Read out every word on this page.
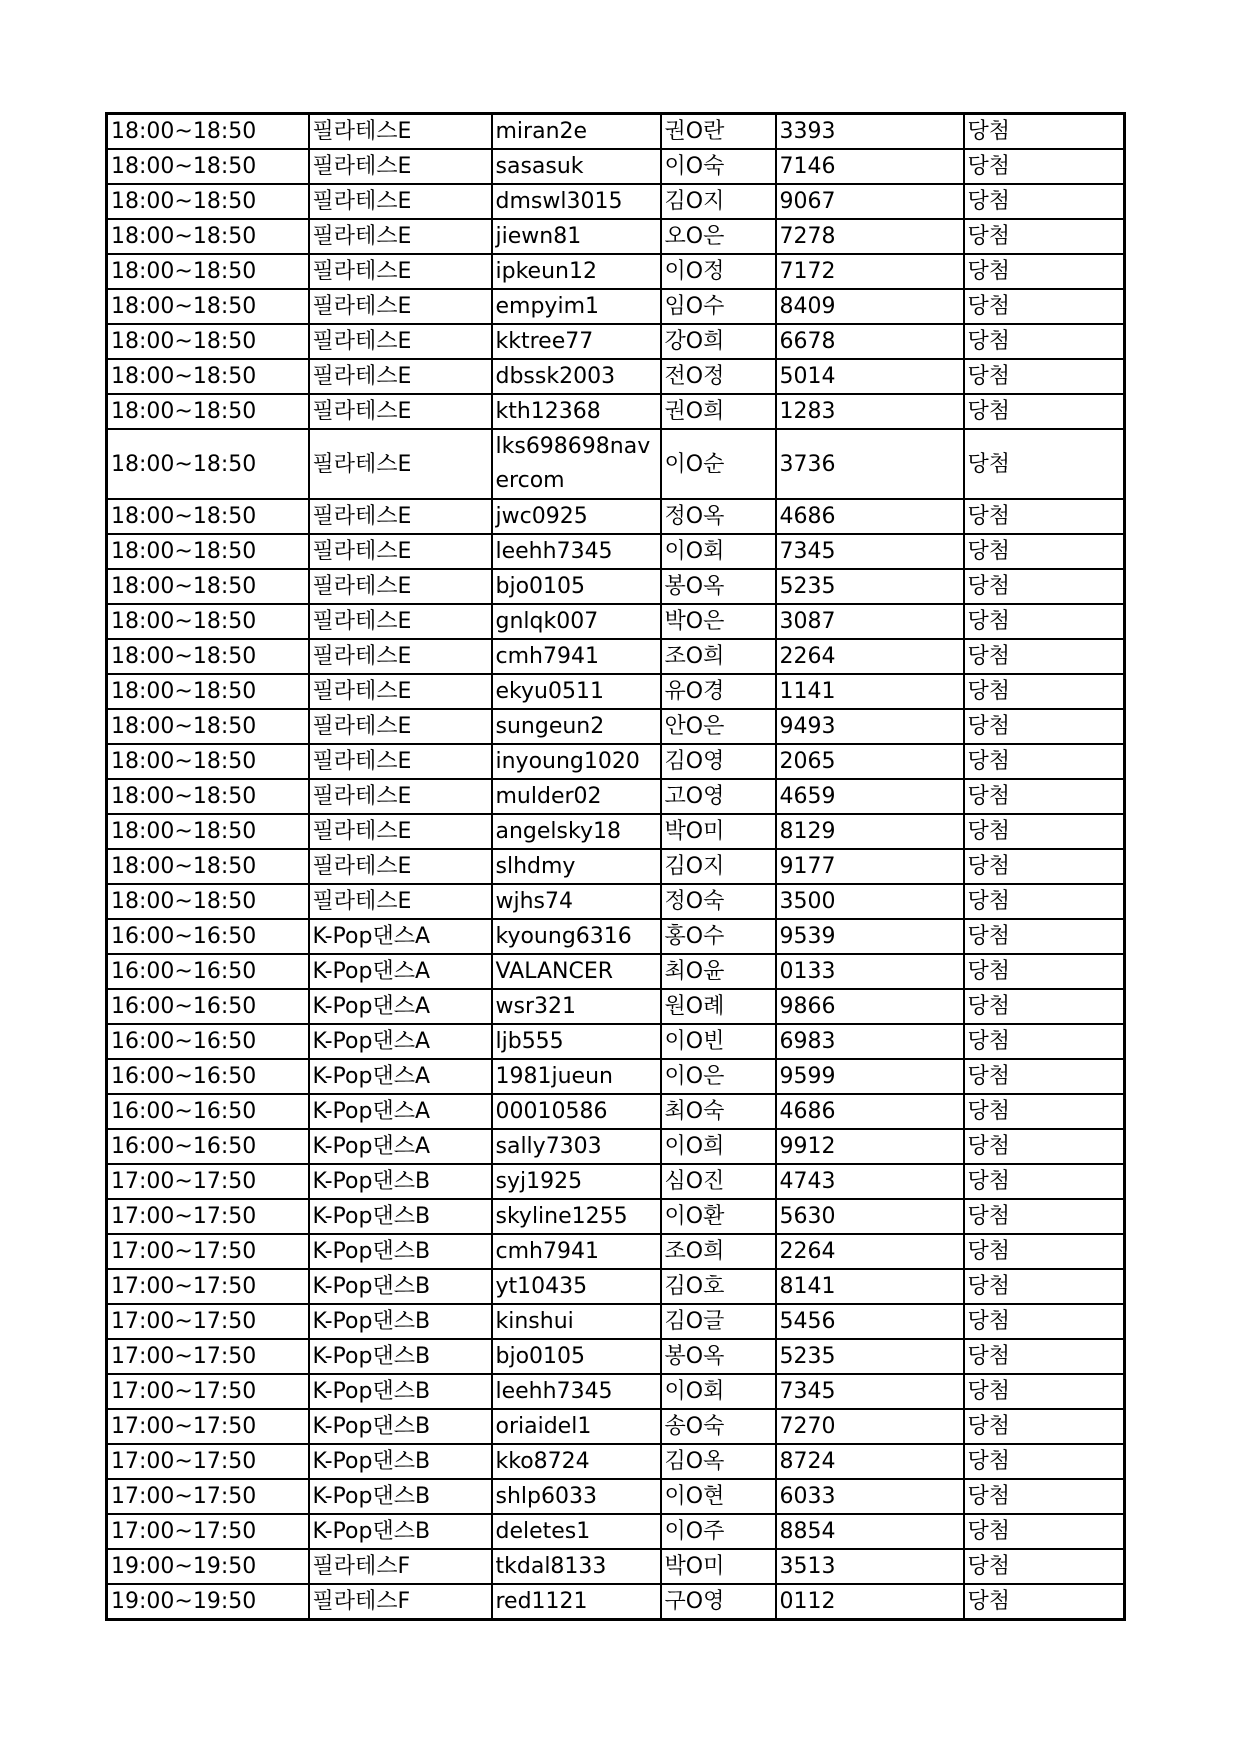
18:00~18:50	필라테스E	miran2e	권O란	3393	당첨
18:00~18:50	필라테스E	sasasuk	이O숙	7146	당첨
18:00~18:50	필라테스E	dmswl3015	김O지	9067	당첨
18:00~18:50	필라테스E	jiewn81	오O은	7278	당첨
18:00~18:50	필라테스E	ipkeun12	이O정	7172	당첨
18:00~18:50	필라테스E	empyim1	임O수	8409	당첨
18:00~18:50	필라테스E	kktree77	강O희	6678	당첨
18:00~18:50	필라테스E	dbssk2003	전O정	5014	당첨
18:00~18:50	필라테스E	kth12368	권O희	1283	당첨
18:00~18:50	필라테스E	lks698698navercom	이O순	3736	당첨
18:00~18:50	필라테스E	jwc0925	정O옥	4686	당첨
18:00~18:50	필라테스E	leehh7345	이O회	7345	당첨
18:00~18:50	필라테스E	bjo0105	봉O옥	5235	당첨
18:00~18:50	필라테스E	gnlqk007	박O은	3087	당첨
18:00~18:50	필라테스E	cmh7941	조O희	2264	당첨
18:00~18:50	필라테스E	ekyu0511	유O경	1141	당첨
18:00~18:50	필라테스E	sungeun2	안O은	9493	당첨
18:00~18:50	필라테스E	inyoung1020	김O영	2065	당첨
18:00~18:50	필라테스E	mulder02	고O영	4659	당첨
18:00~18:50	필라테스E	angelsky18	박O미	8129	당첨
18:00~18:50	필라테스E	slhdmy	김O지	9177	당첨
18:00~18:50	필라테스E	wjhs74	정O숙	3500	당첨
16:00~16:50	K-Pop댄스A	kyoung6316	홍O수	9539	당첨
16:00~16:50	K-Pop댄스A	VALANCER	최O윤	0133	당첨
16:00~16:50	K-Pop댄스A	wsr321	원O례	9866	당첨
16:00~16:50	K-Pop댄스A	ljb555	이O빈	6983	당첨
16:00~16:50	K-Pop댄스A	1981jueun	이O은	9599	당첨
16:00~16:50	K-Pop댄스A	00010586	최O숙	4686	당첨
16:00~16:50	K-Pop댄스A	sally7303	이O희	9912	당첨
17:00~17:50	K-Pop댄스B	syj1925	심O진	4743	당첨
17:00~17:50	K-Pop댄스B	skyline1255	이O환	5630	당첨
17:00~17:50	K-Pop댄스B	cmh7941	조O희	2264	당첨
17:00~17:50	K-Pop댄스B	yt10435	김O호	8141	당첨
17:00~17:50	K-Pop댄스B	kinshui	김O글	5456	당첨
17:00~17:50	K-Pop댄스B	bjo0105	봉O옥	5235	당첨
17:00~17:50	K-Pop댄스B	leehh7345	이O회	7345	당첨
17:00~17:50	K-Pop댄스B	oriaidel1	송O숙	7270	당첨
17:00~17:50	K-Pop댄스B	kko8724	김O옥	8724	당첨
17:00~17:50	K-Pop댄스B	shlp6033	이O현	6033	당첨
17:00~17:50	K-Pop댄스B	deletes1	이O주	8854	당첨
19:00~19:50	필라테스F	tkdal8133	박O미	3513	당첨
19:00~19:50	필라테스F	red1121	구O영	0112	당첨
